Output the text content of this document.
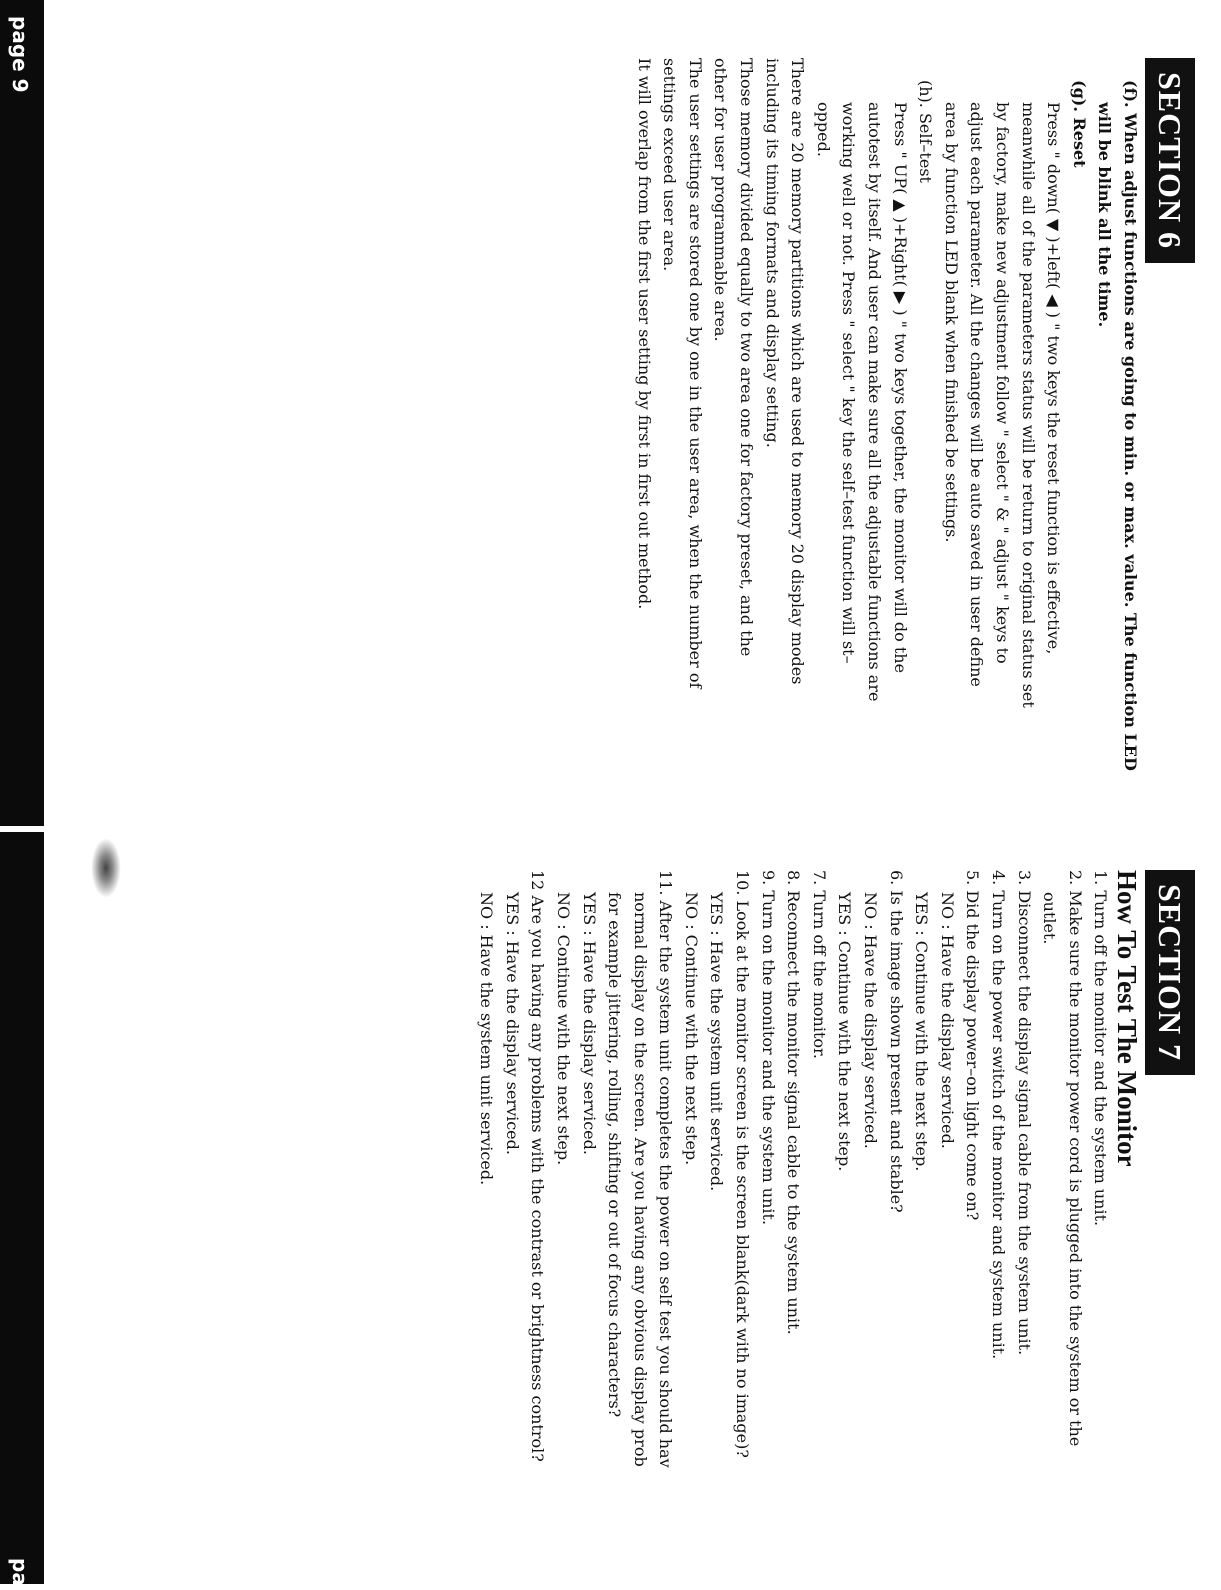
SECTION 6

(f). When adjust functions are going to min. or max. value. The function LED

will be blink all the time.

(g). Reset

Press " down( ▼ )+left( ◀ ) " two keys the reset function is effective,

meanwhile all of the parameters status will be return to original status set

by factory, make new adjustment follow " select " & " adjust " keys to

adjust each parameter. All the changes will be auto saved in user define

area by function LED blank when finished be settings.

(h). Self–test

Press " UP( ▲ )+Right( ▶ ) " two keys together, the monitor will do the

autotest by itself. And user can make sure all the adjustable functions are

working well or not. Press " select " key the self–test function will st–

opped.

There are 20 memory partitions which are used to memory 20 display modes

including its timing formats and display setting.

Those memory divided equally to two area one for factory preset, and the

other for user programmable area.

The user settings are stored one by one in the user area, when the number of

settings exceed user area.

It will overlap from the first user setting by first in first out method.

SECTION 7

How To Test The Monitor

1. Turn off the monitor and the system unit.

2. Make sure the monitor power cord is plugged into the system or the

outlet.

3. Disconnect the display signal cable from the system unit.

4. Turn on the power switch of the monitor and system unit.

5. Did the display power–on light come on?

NO : Have the display serviced.

YES : Continue with the next step.

6. Is the image shown present and stable?

NO : Have the display serviced.

YES : Continue with the next step.

7. Turn off the monitor.

8. Reconnect the monitor signal cable to the system unit.

9. Turn on the monitor and the system unit.

10. Look at the monitor screen is the screen blank(dark with no image)?

YES : Have the system unit serviced.

NO : Continue with the next step.

11. After the system unit completes the power on self test you should hav

normal display on the screen. Are you having any obvious display prob

for example jittering, rolling, shifting or out of focus characters?

YES : Have the display serviced.

NO : Continue with the next step.

12 Are you having any problems with the contrast or brightness control?

YES : Have the display serviced.

NO : Have the system unit serviced.

page 9
pa
